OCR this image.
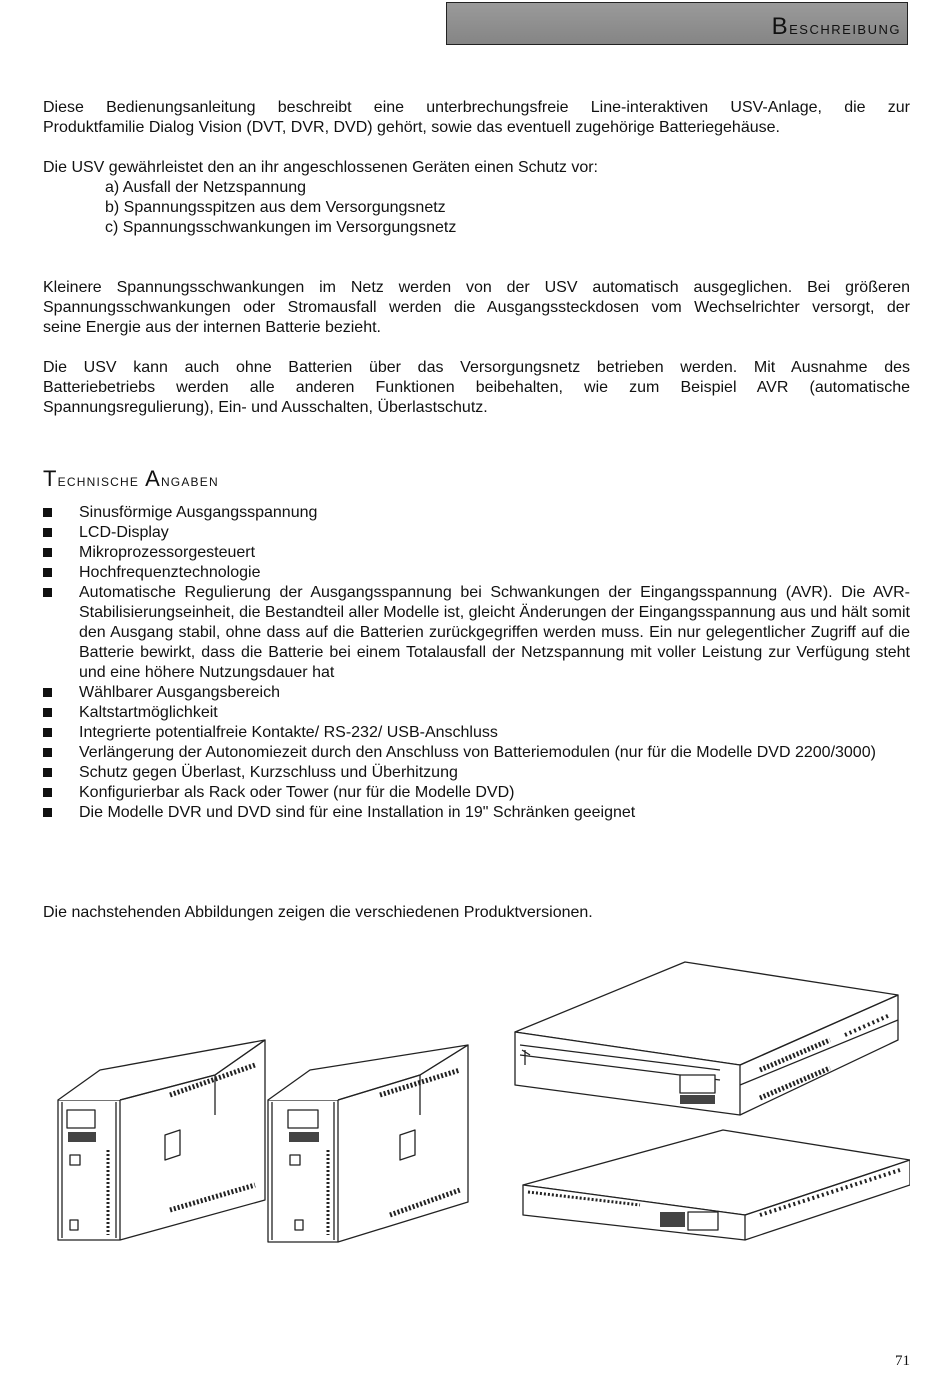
Beschreibung

Diese Bedienungsanleitung beschreibt eine unterbrechungsfreie Line-interaktiven USV-Anlage, die zur

Produktfamilie Dialog Vision (DVT, DVR, DVD) gehört, sowie das eventuell zugehörige Batteriegehäuse.

Die USV gewährleistet den an ihr angeschlossenen Geräten einen Schutz vor:

a) Ausfall der Netzspannung
b) Spannungsspitzen aus dem Versorgungsnetz
c) Spannungsschwankungen im Versorgungsnetz

Kleinere Spannungsschwankungen im Netz werden von der USV automatisch ausgeglichen. Bei größeren

Spannungsschwankungen oder Stromausfall werden die Ausgangssteckdosen vom Wechselrichter versorgt, der

seine Energie aus der internen Batterie bezieht.

Die USV kann auch ohne Batterien über das Versorgungsnetz betrieben werden. Mit Ausnahme des

Batteriebetriebs werden alle anderen Funktionen beibehalten, wie zum Beispiel AVR (automatische

Spannungsregulierung), Ein- und Ausschalten, Überlastschutz.

Technische Angaben
Sinusförmige Ausgangsspannung
LCD-Display
Mikroprozessorgesteuert
Hochfrequenztechnologie
Automatische Regulierung der Ausgangsspannung bei Schwankungen der Eingangsspannung (AVR). Die AVR-Stabilisierungseinheit, die Bestandteil aller Modelle ist, gleicht Änderungen der Eingangsspannung aus und hält somit den Ausgang stabil, ohne dass auf die Batterien zurückgegriffen werden muss. Ein nur gelegentlicher Zugriff auf die Batterie bewirkt, dass die Batterie bei einem Totalausfall der Netzspannung mit voller Leistung zur Verfügung steht und eine höhere Nutzungsdauer hat
Wählbarer Ausgangsbereich
Kaltstartmöglichkeit
Integrierte potentialfreie Kontakte/ RS-232/ USB-Anschluss
Verlängerung der Autonomiezeit durch den Anschluss von Batteriemodulen (nur für die Modelle DVD 2200/3000)
Schutz gegen Überlast, Kurzschluss und Überhitzung
Konfigurierbar als Rack oder Tower (nur für die Modelle DVD)
Die Modelle DVR und DVD sind für eine Installation in 19" Schränken geeignet

Die nachstehenden Abbildungen zeigen die verschiedenen Produktversionen.

71
